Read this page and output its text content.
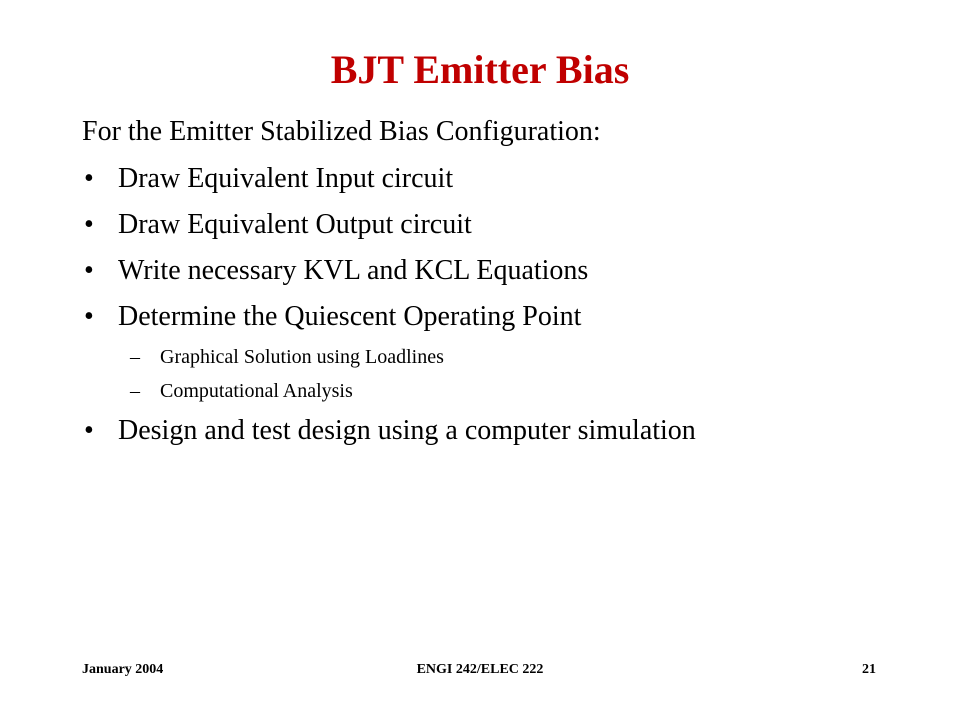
BJT Emitter Bias
For the Emitter Stabilized Bias Configuration:
• Draw Equivalent Input circuit
• Draw Equivalent Output circuit
• Write necessary KVL and KCL Equations
• Determine the Quiescent Operating Point
– Graphical Solution using Loadlines
– Computational Analysis
• Design and test design using a computer simulation
ENGI 242/ELEC 222
January 2004	21
